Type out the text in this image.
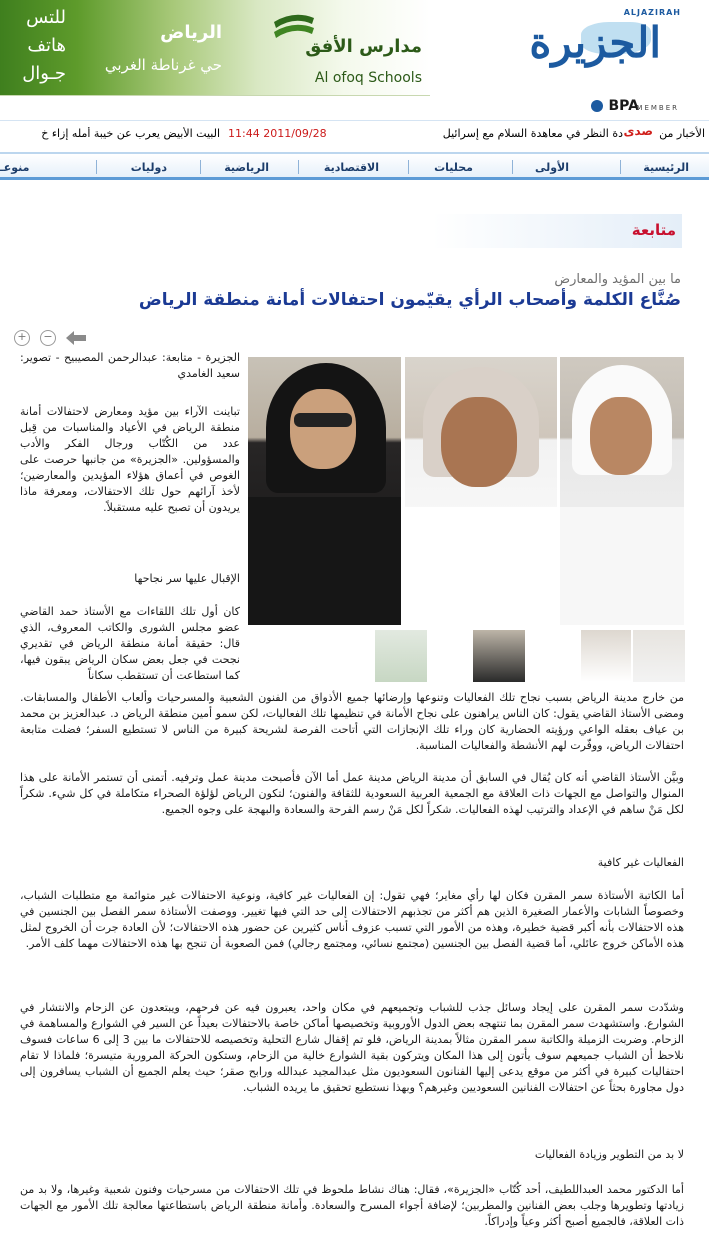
للتس
هاتف
جـوال
الرياض
حي غرناطة الغربي
مدارس الأفق
Al ofoq Schools
ALJAZIRAH
الجزيرة
BPA
MEMBER
الأخبار من
صدى
دة النظر في معاهدة السلام مع إسرائيل
11:44 2011/09/28
البيت الأبيض يعرب عن خيبة أمله إزاء خ
الرئيسية
الأولى
محليات
الاقتصادية
الرياضية
دوليات
منوعـ
متابعة
ما بين المؤيد والمعارض
صُنَّاع الكلمة وأصحاب الرأي يقيّمون احتفالات أمانة منطقة الرياض
+	−
الجزيرة - متابعة: عبدالرحمن المصيبيح - تصوير: سعيد الغامدي
تباينت الآراء بين مؤيد ومعارض لاحتفالات أمانة منطقة الرياض في الأعياد والمناسبات من قِبل عدد من الكُتّاب ورجال الفكر والأدب والمسؤولين. «الجزيرة» من جانبها حرصت على الغوص في أعماق هؤلاء المؤيدين والمعارضين؛ لأخذ آرائهم حول تلك الاحتفالات، ومعرفة ماذا يريدون أن تصبح عليه مستقبلاً.
الإقبال عليها سر نجاحها
كان أول تلك اللقاءات مع الأستاذ حمد القاضي عضو مجلس الشورى والكاتب المعروف، الذي قال: حقيقة أمانة منطقة الرياض في تقديري نجحت في جعل بعض سكان الرياض يبقون فيها، كما استطاعت أن تستقطب سكاناً
من خارج مدينة الرياض بسبب نجاح تلك الفعاليات وتنوعها وإرضائها جميع الأذواق من الفنون الشعبية والمسرحيات وألعاب الأطفال والمسابقات. ومضى الأستاذ القاضي يقول: كان الناس يراهنون على نجاح الأمانة في تنظيمها تلك الفعاليات، لكن سمو أمين منطقة الرياض د. عبدالعزيز بن محمد بن عياف بعقله الواعي ورؤيته الحضارية كان وراء تلك الإنجازات التي أتاحت الفرصة لشريحة كبيرة من الناس لا تستطيع السفر؛ فضلت متابعة احتفالات الرياض، ووفّرت لهم الأنشطة والفعاليات المناسبة.
وبيَّن الأستاذ القاضي أنه كان يُقال في السابق أن مدينة الرياض مدينة عمل أما الآن فأصبحت مدينة عمل وترفيه. أتمنى أن تستمر الأمانة على هذا المنوال والتواصل مع الجهات ذات العلاقة مع الجمعية العربية السعودية للثقافة والفنون؛ لتكون الرياض لؤلؤة الصحراء متكاملة في كل شيء. شكراً لكل مَنْ ساهم في الإعداد والترتيب لهذه الفعاليات. شكراً لكل مَنْ رسم الفرحة والسعادة والبهجة على وجوه الجميع.
الفعاليات غير كافية
أما الكاتبة الأستاذة سمر المقرن فكان لها رأي مغاير؛ فهي تقول: إن الفعاليات غير كافية، ونوعية الاحتفالات غير متوائمة مع متطلبات الشباب، وخصوصاً الشابات والأعمار الصغيرة الذين هم أكثر من تجذبهم الاحتفالات إلى حد التي فيها تغيير. ووصفت الأستاذة سمر الفصل بين الجنسين في هذه الاحتفالات بأنه أكبر قضية خطيرة، وهذه من الأمور التي تسبب عزوف أناس كثيرين عن حضور هذه الاحتفالات؛ لأن العادة جرت أن الخروج لمثل هذه الأماكن خروج عائلي، أما قضية الفصل بين الجنسين (مجتمع نسائي، ومجتمع رجالي) فمن الصعوبة أن تنجح بها هذه الاحتفالات مهما كلف الأمر.
وشدّدت سمر المقرن على إيجاد وسائل جذب للشباب وتجميعهم في مكان واحد، يعبرون فيه عن فرحهم، ويبتعدون عن الزحام والانتشار في الشوارع. واستشهدت سمر المقرن بما تنتهجه بعض الدول الأوروبية وتخصيصها أماكن خاصة بالاحتفالات بعيداً عن السير في الشوارع والمساهمة في الزحام. وضربت الزميلة والكاتبة سمر المقرن مثالاً بمدينة الرياض، فلو تم إقفال شارع التحلية وتخصيصه للاحتفالات ما بين 3 إلى 6 ساعات فسوف نلاحظ أن الشباب جميعهم سوف يأتون إلى هذا المكان ويتركون بقية الشوارع خالية من الزحام، وستكون الحركة المرورية متيسرة؛ فلماذا لا تقام احتفاليات كبيرة في أكثر من موقع يدعى إليها الفنانون السعوديون مثل عبدالمجيد عبدالله ورابح صقر؛ حيث يعلم الجميع أن الشباب يسافرون إلى دول مجاورة بحثاً عن احتفالات الفنانين السعوديين وغيرهم؟ وبهذا نستطيع تحقيق ما يريده الشباب.
لا بد من التطوير وزيادة الفعاليات
أما الدكتور محمد العبداللطيف، أحد كُتّاب «الجزيرة»، فقال: هناك نشاط ملحوظ في تلك الاحتفالات من مسرحيات وفنون شعبية وغيرها، ولا بد من زيادتها وتطويرها وجلب بعض الفنانين والمطربين؛ لإضافة أجواء المسرح والسعادة. وأمانة منطقة الرياض باستطاعتها معالجة تلك الأمور مع الجهات ذات العلاقة، فالجميع أصبح أكثر وعياً وإدراكاً.
